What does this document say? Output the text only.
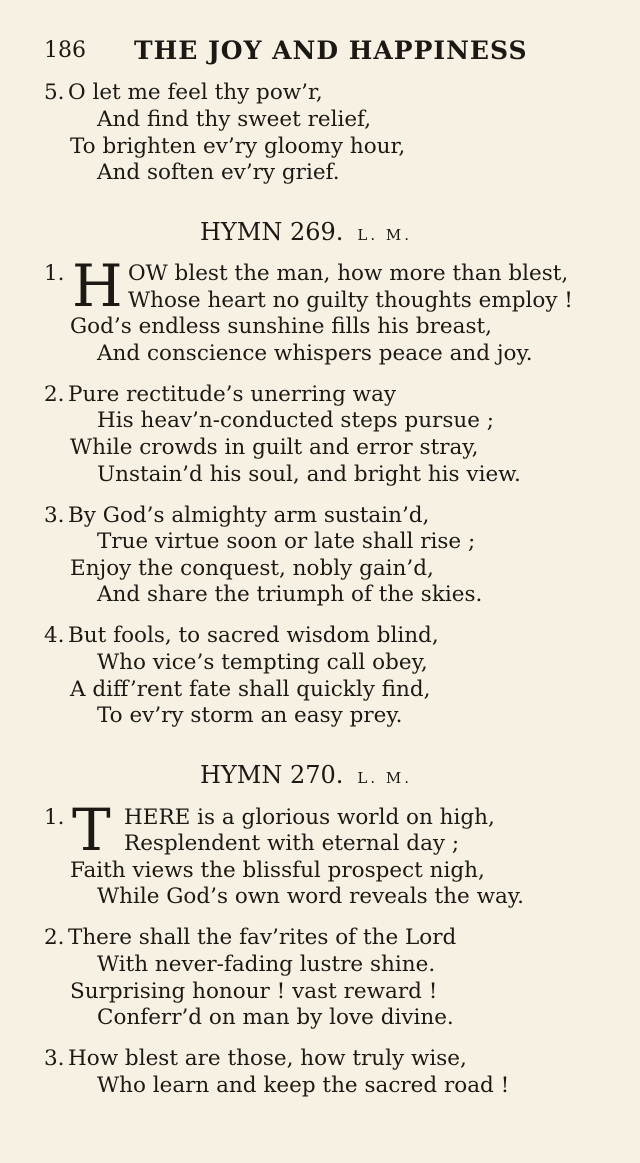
186 THE JOY AND HAPPINESS
5. O let me feel thy pow’r,
And find thy sweet relief,
To brighten ev’ry gloomy hour,
And soften ev’ry grief.
HYMN 269. L. M.
1. H OW blest the man, how more than blest,
Whose heart no guilty thoughts employ !
God’s endless sunshine fills his breast,
And conscience whispers peace and joy.
2. Pure rectitude’s unerring way
His heav’n-conducted steps pursue ;
While crowds in guilt and error stray,
Unstain’d his soul, and bright his view.
3. By God’s almighty arm sustain’d,
True virtue soon or late shall rise ;
Enjoy the conquest, nobly gain’d,
And share the triumph of the skies.
4. But fools, to sacred wisdom blind,
Who vice’s tempting call obey,
A diff’rent fate shall quickly find,
To ev’ry storm an easy prey.
HYMN 270. L. M.
1. T HERE is a glorious world on high,
Resplendent with eternal day ;
Faith views the blissful prospect nigh,
While God’s own word reveals the way.
2. There shall the fav’rites of the Lord
With never-fading lustre shine.
Surprising honour ! vast reward !
Conferr’d on man by love divine.
3. How blest are those, how truly wise,
Who learn and keep the sacred road !
